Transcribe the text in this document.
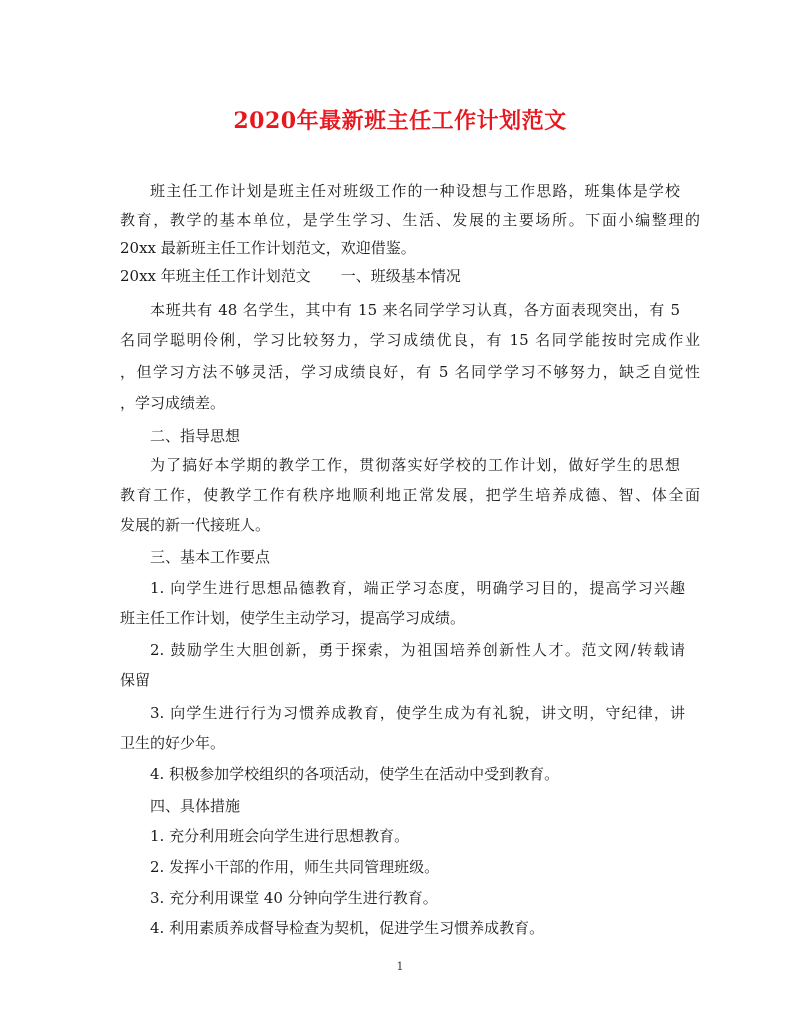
2020年最新班主任工作计划范文
班主任工作计划是班主任对班级工作的一种设想与工作思路，班集体是学校
教育，教学的基本单位，是学生学习、生活、发展的主要场所。下面小编整理的
20xx 最新班主任工作计划范文，欢迎借鉴。
20xx 年班主任工作计划范文　　一、班级基本情况
本班共有 48 名学生，其中有 15 来名同学学习认真，各方面表现突出，有 5
名同学聪明伶俐，学习比较努力，学习成绩优良，有 15 名同学能按时完成作业
，但学习方法不够灵活，学习成绩良好，有 5 名同学学习不够努力，缺乏自觉性
，学习成绩差。
二、指导思想
为了搞好本学期的教学工作，贯彻落实好学校的工作计划，做好学生的思想
教育工作，使教学工作有秩序地顺利地正常发展，把学生培养成德、智、体全面
发展的新一代接班人。
三、基本工作要点
1. 向学生进行思想品德教育，端正学习态度，明确学习目的，提高学习兴趣
班主任工作计划，使学生主动学习，提高学习成绩。
2. 鼓励学生大胆创新，勇于探索，为祖国培养创新性人才。范文网/转载请
保留
3. 向学生进行行为习惯养成教育，使学生成为有礼貌，讲文明，守纪律，讲
卫生的好少年。
4. 积极参加学校组织的各项活动，使学生在活动中受到教育。
四、具体措施
1. 充分利用班会向学生进行思想教育。
2. 发挥小干部的作用，师生共同管理班级。
3. 充分利用课堂 40 分钟向学生进行教育。
4. 利用素质养成督导检查为契机，促进学生习惯养成教育。
1
